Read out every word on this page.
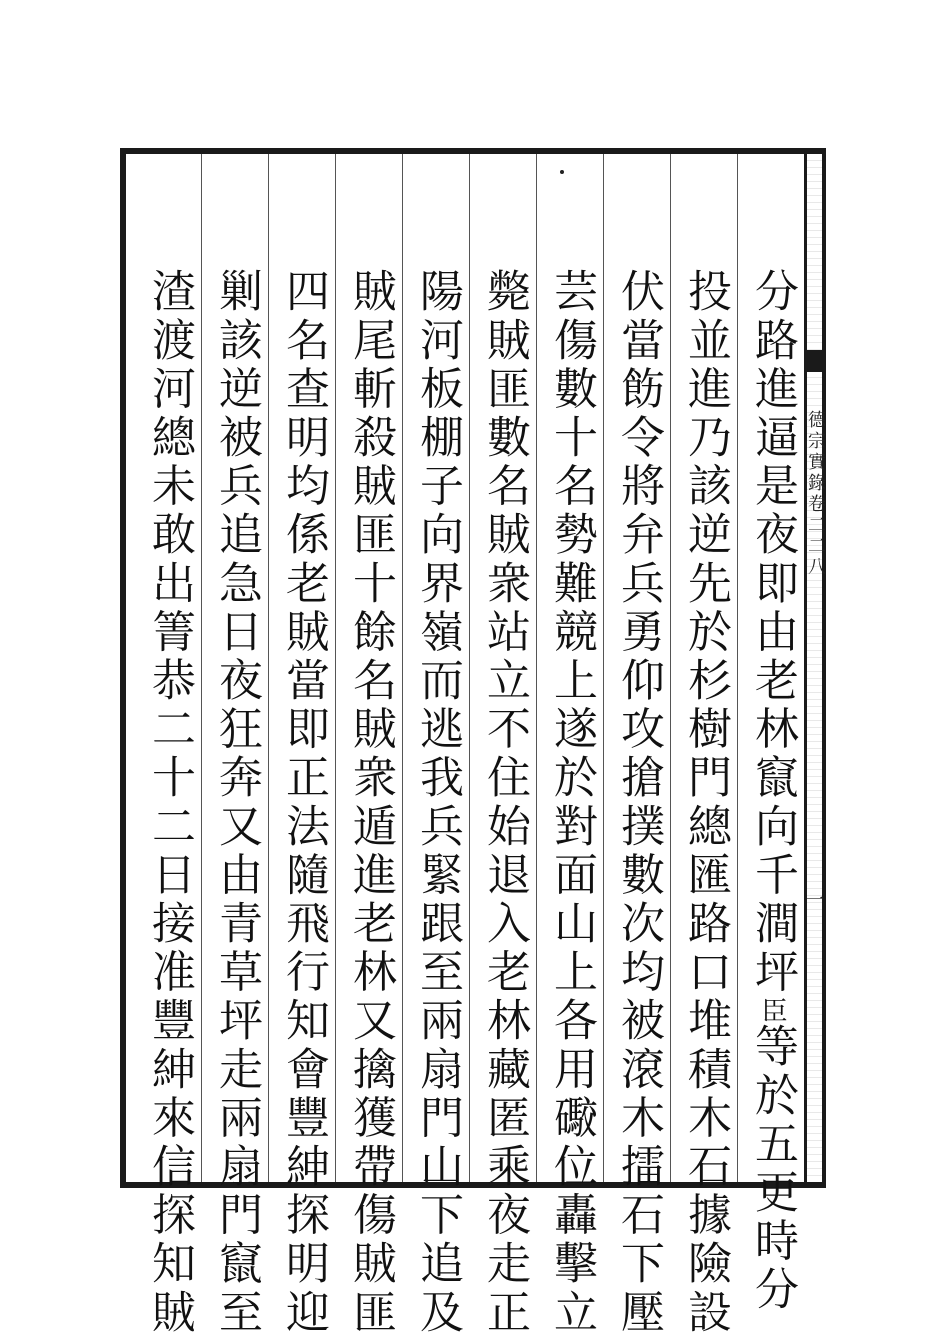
德宗實錄卷二二八
一
分路進逼是夜即由老林竄向千澗坪臣等於五更時分
投並進乃該逆先於杉樹門總匯路口堆積木石據險設
伏當飭令將弁兵勇仰攻搶撲數次均被滾木擂石下壓
芸傷數十名勢難競上遂於對面山上各用礮位轟擊立
斃賊匪數名賊衆站立不住始退入老林藏匿乘夜走正
陽河板棚子向界嶺而逃我兵緊跟至兩扇門山下追及
賊尾斬殺賊匪十餘名賊衆遁進老林又擒獲帶傷賊匪
四名查明均係老賊當即正法隨飛行知會豐紳探明迎
剿該逆被兵追急日夜狂奔又由青草坪走兩扇門竄至
渣渡河總未敢出箐恭二十二日接准豐紳來信探知賊
